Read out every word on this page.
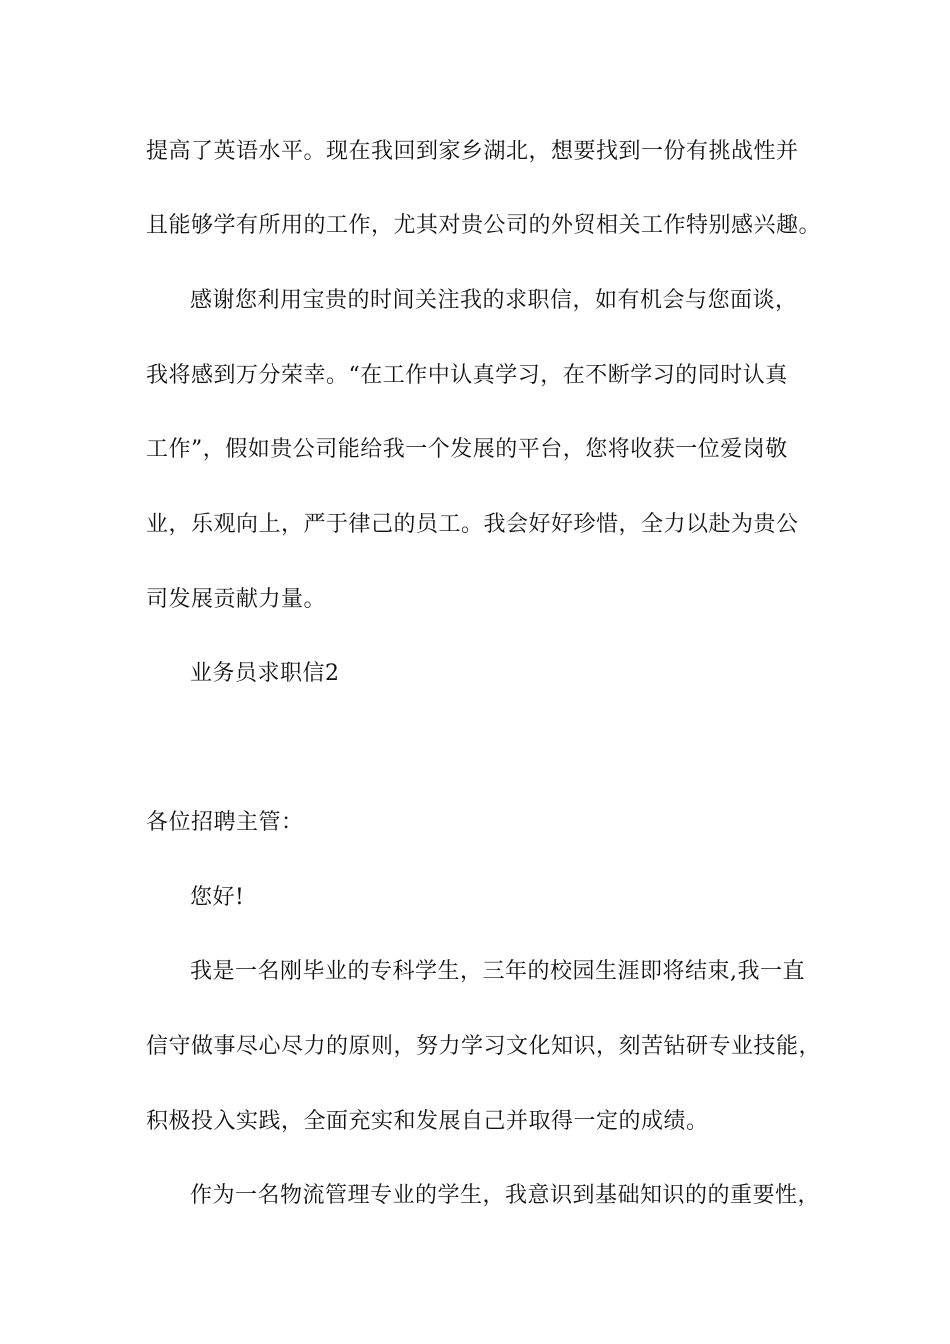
提高了英语水平。现在我回到家乡湖北，想要找到一份有挑战性并
且能够学有所用的工作，尤其对贵公司的外贸相关工作特别感兴趣。
感谢您利用宝贵的时间关注我的求职信，如有机会与您面谈，
我将感到万分荣幸。“在工作中认真学习，在不断学习的同时认真
工作”，假如贵公司能给我一个发展的平台，您将收获一位爱岗敬
业，乐观向上，严于律己的员工。我会好好珍惜，全力以赴为贵公
司发展贡献力量。
业务员求职信2
各位招聘主管：
您好!
我是一名刚毕业的专科学生，三年的校园生涯即将结束,我一直
信守做事尽心尽力的原则，努力学习文化知识，刻苦钻研专业技能，
积极投入实践，全面充实和发展自己并取得一定的成绩。
作为一名物流管理专业的学生，我意识到基础知识的的重要性，
